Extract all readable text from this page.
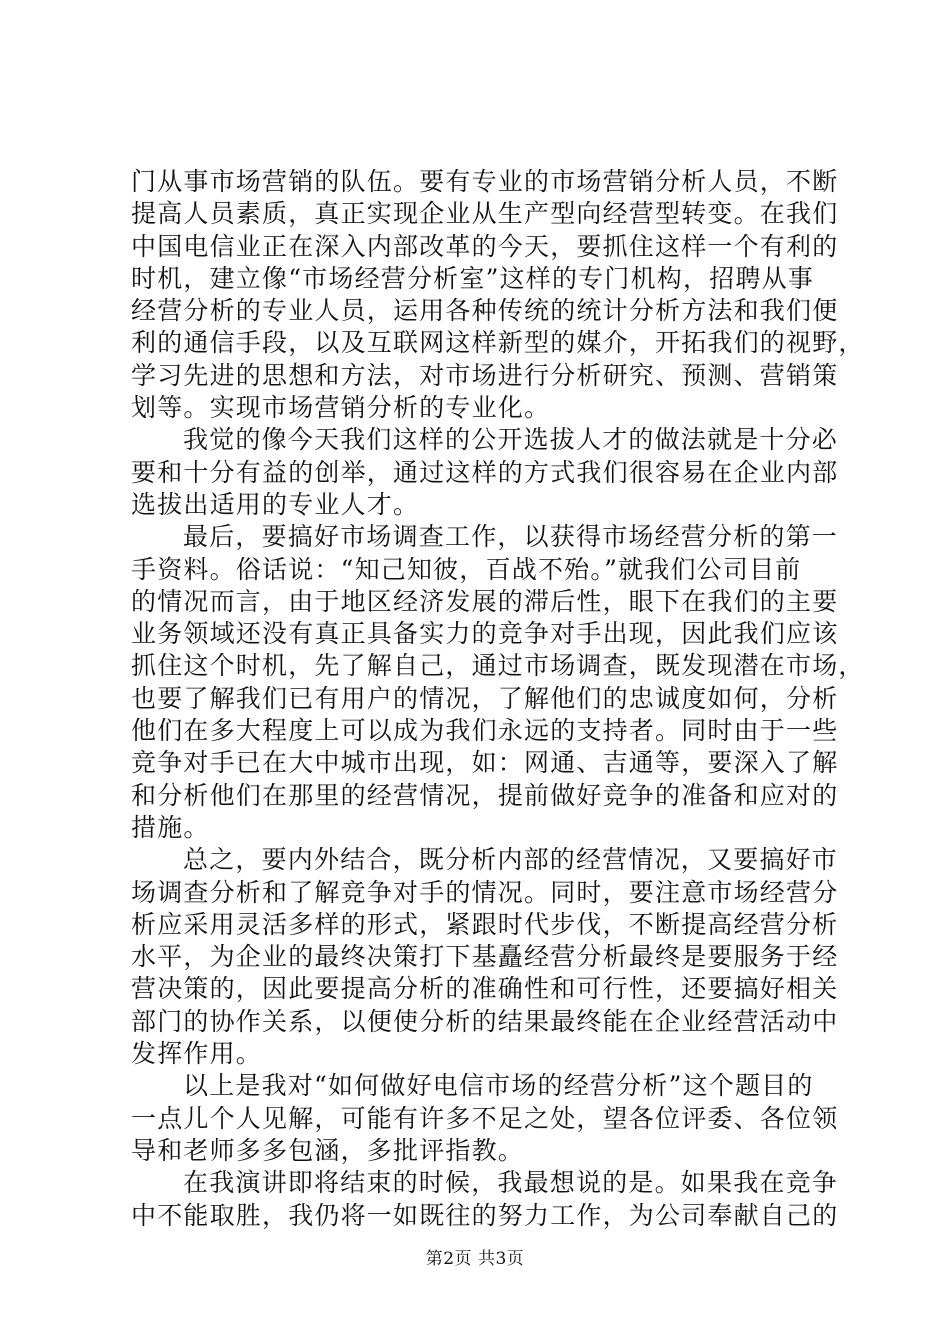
门从事市场营销的队伍。要有专业的市场营销分析人员，不断
提高人员素质，真正实现企业从生产型向经营型转变。在我们
中国电信业正在深入内部改革的今天，要抓住这样一个有利的
时机，建立像“市场经营分析室”这样的专门机构，招聘从事
经营分析的专业人员，运用各种传统的统计分析方法和我们便
利的通信手段，以及互联网这样新型的媒介，开拓我们的视野，
学习先进的思想和方法，对市场进行分析研究、预测、营销策
划等。实现市场营销分析的专业化。
我觉的像今天我们这样的公开选拔人才的做法就是十分必
要和十分有益的创举，通过这样的方式我们很容易在企业内部
选拔出适用的专业人才。
最后，要搞好市场调查工作，以获得市场经营分析的第一
手资料。俗话说：“知己知彼，百战不殆。”就我们公司目前
的情况而言，由于地区经济发展的滞后性，眼下在我们的主要
业务领域还没有真正具备实力的竞争对手出现，因此我们应该
抓住这个时机，先了解自己，通过市场调查，既发现潜在市场，
也要了解我们已有用户的情况，了解他们的忠诚度如何，分析
他们在多大程度上可以成为我们永远的支持者。同时由于一些
竞争对手已在大中城市出现，如：网通、吉通等，要深入了解
和分析他们在那里的经营情况，提前做好竞争的准备和应对的
措施。
总之，要内外结合，既分析内部的经营情况，又要搞好市
场调查分析和了解竞争对手的情况。同时，要注意市场经营分
析应采用灵活多样的形式，紧跟时代步伐，不断提高经营分析
水平，为企业的最终决策打下基矗经营分析最终是要服务于经
营决策的，因此要提高分析的准确性和可行性，还要搞好相关
部门的协作关系，以便使分析的结果最终能在企业经营活动中
发挥作用。
以上是我对“如何做好电信市场的经营分析”这个题目的
一点儿个人见解，可能有许多不足之处，望各位评委、各位领
导和老师多多包涵，多批评指教。
在我演讲即将结束的时候，我最想说的是。如果我在竞争
中不能取胜，我仍将一如既往的努力工作，为公司奉献自己的
第2页 共3页
